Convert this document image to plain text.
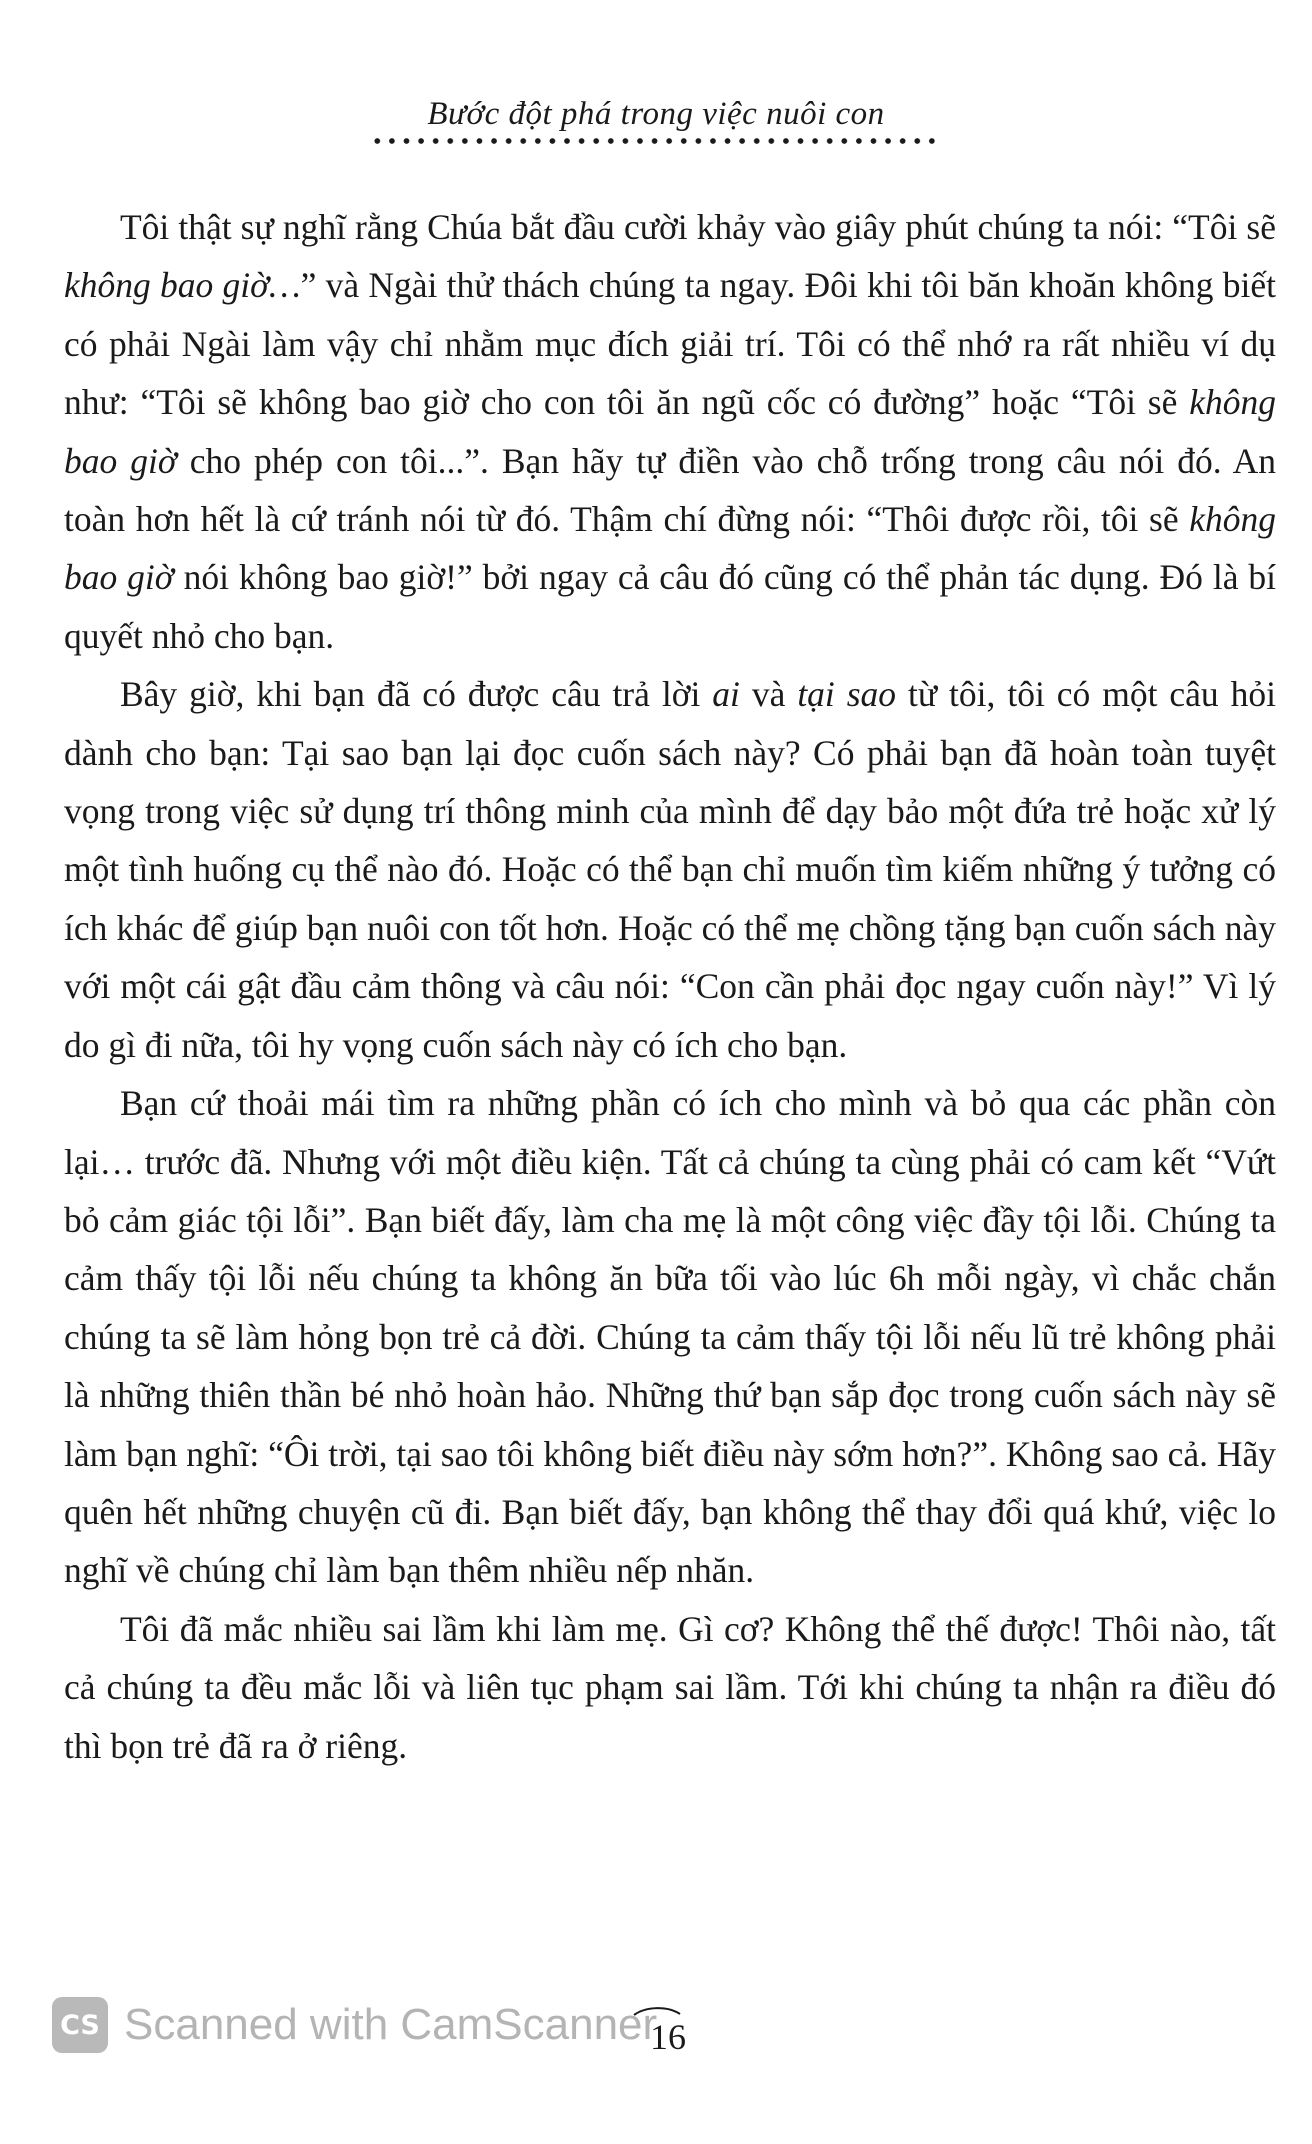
Bước đột phá trong việc nuôi con

Tôi thật sự nghĩ rằng Chúa bắt đầu cười khảy vào giây phút chúng ta nói: “Tôi sẽ không bao giờ…” và Ngài thử thách chúng ta ngay. Đôi khi tôi băn khoăn không biết có phải Ngài làm vậy chỉ nhằm mục đích giải trí. Tôi có thể nhớ ra rất nhiều ví dụ như: “Tôi sẽ không bao giờ cho con tôi ăn ngũ cốc có đường” hoặc “Tôi sẽ không bao giờ cho phép con tôi...”. Bạn hãy tự điền vào chỗ trống trong câu nói đó. An toàn hơn hết là cứ tránh nói từ đó. Thậm chí đừng nói: “Thôi được rồi, tôi sẽ không bao giờ nói không bao giờ!” bởi ngay cả câu đó cũng có thể phản tác dụng. Đó là bí quyết nhỏ cho bạn.

Bây giờ, khi bạn đã có được câu trả lời ai và tại sao từ tôi, tôi có một câu hỏi dành cho bạn: Tại sao bạn lại đọc cuốn sách này? Có phải bạn đã hoàn toàn tuyệt vọng trong việc sử dụng trí thông minh của mình để dạy bảo một đứa trẻ hoặc xử lý một tình huống cụ thể nào đó. Hoặc có thể bạn chỉ muốn tìm kiếm những ý tưởng có ích khác để giúp bạn nuôi con tốt hơn. Hoặc có thể mẹ chồng tặng bạn cuốn sách này với một cái gật đầu cảm thông và câu nói: “Con cần phải đọc ngay cuốn này!” Vì lý do gì đi nữa, tôi hy vọng cuốn sách này có ích cho bạn.

Bạn cứ thoải mái tìm ra những phần có ích cho mình và bỏ qua các phần còn lại… trước đã. Nhưng với một điều kiện. Tất cả chúng ta cùng phải có cam kết “Vứt bỏ cảm giác tội lỗi”. Bạn biết đấy, làm cha mẹ là một công việc đầy tội lỗi. Chúng ta cảm thấy tội lỗi nếu chúng ta không ăn bữa tối vào lúc 6h mỗi ngày, vì chắc chắn chúng ta sẽ làm hỏng bọn trẻ cả đời. Chúng ta cảm thấy tội lỗi nếu lũ trẻ không phải là những thiên thần bé nhỏ hoàn hảo. Những thứ bạn sắp đọc trong cuốn sách này sẽ làm bạn nghĩ: “Ôi trời, tại sao tôi không biết điều này sớm hơn?”. Không sao cả. Hãy quên hết những chuyện cũ đi. Bạn biết đấy, bạn không thể thay đổi quá khứ, việc lo nghĩ về chúng chỉ làm bạn thêm nhiều nếp nhăn.

Tôi đã mắc nhiều sai lầm khi làm mẹ. Gì cơ? Không thể thế được! Thôi nào, tất cả chúng ta đều mắc lỗi và liên tục phạm sai lầm. Tới khi chúng ta nhận ra điều đó thì bọn trẻ đã ra ở riêng.

CS Scanned with CamScanner
16
